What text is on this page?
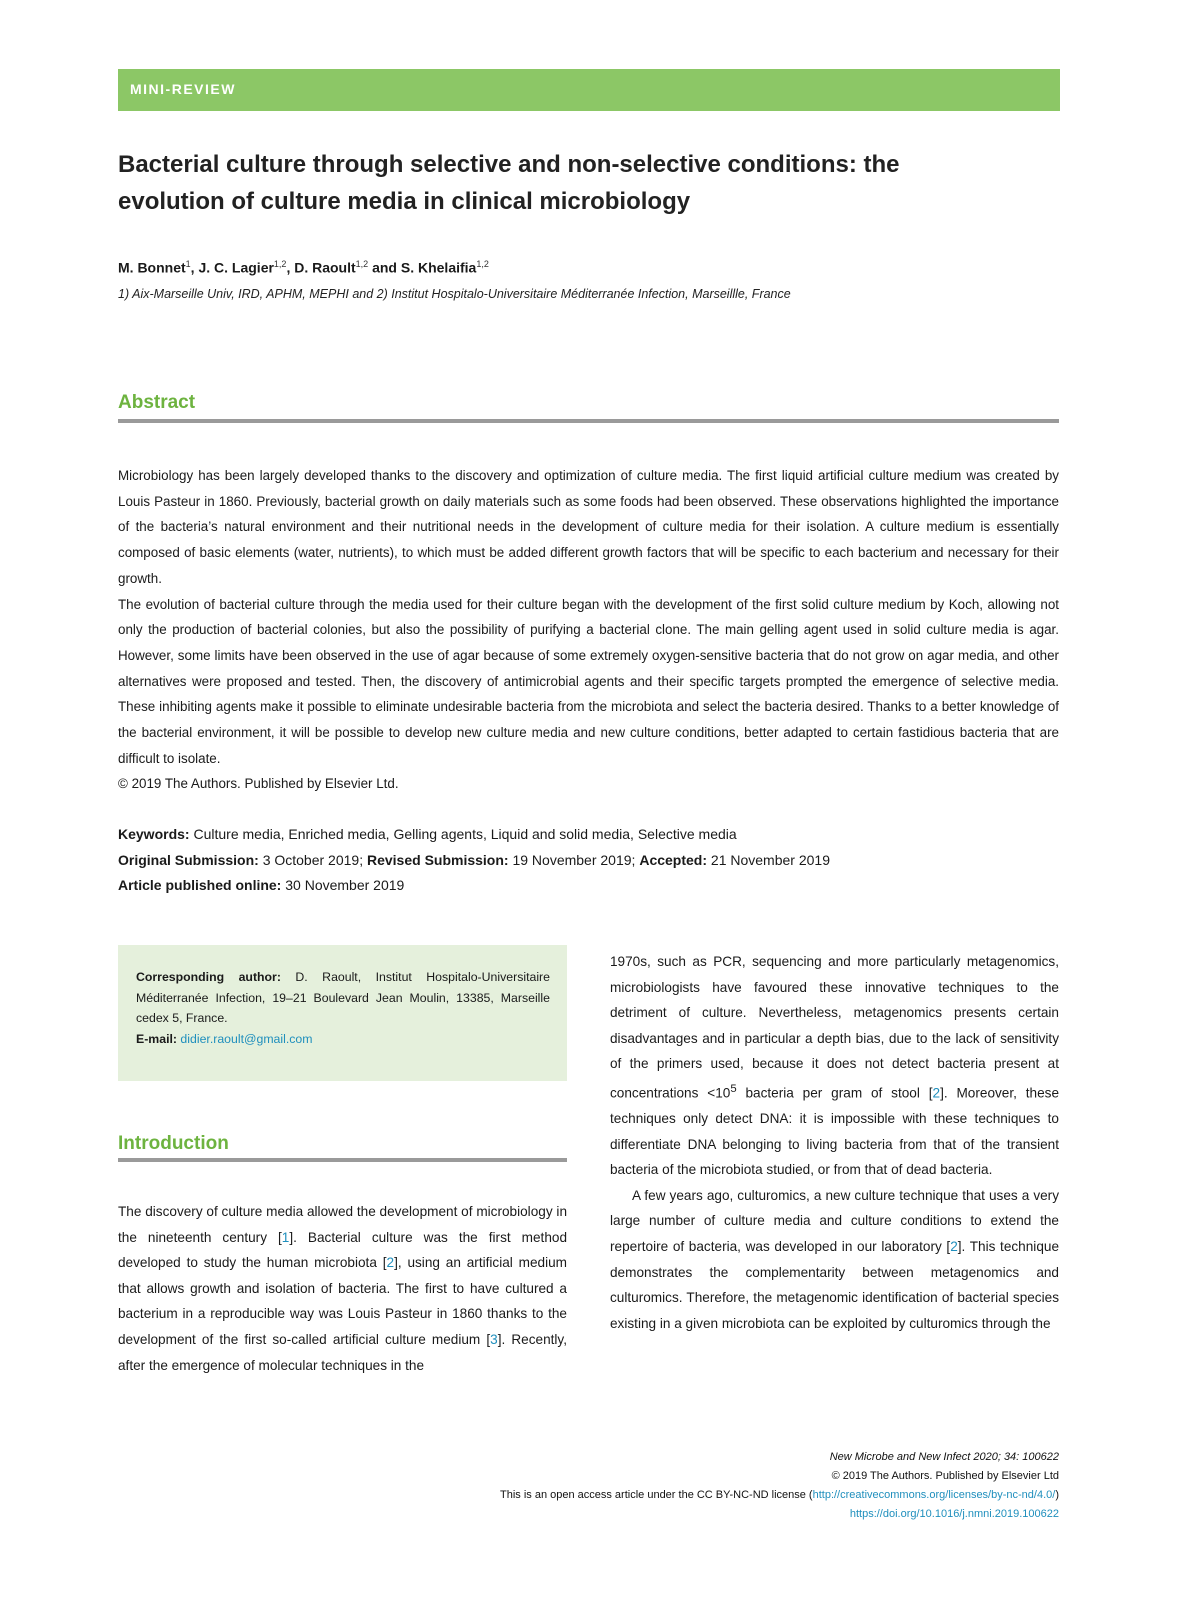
MINI-REVIEW
Bacterial culture through selective and non-selective conditions: the
evolution of culture media in clinical microbiology
M. Bonnet$^1$, J. C. Lagier$^{1,2}$, D. Raoult$^{1,2}$ and S. Khelaifia$^{1,2}$
1) Aix-Marseille Univ, IRD, APHM, MEPHI and 2) Institut Hospitalo-Universitaire Méditerranée Infection, Marseillle, France
Abstract

Microbiology has been largely developed thanks to the discovery and optimization of culture media. The first liquid artificial culture medium was created by Louis Pasteur in 1860. Previously, bacterial growth on daily materials such as some foods had been observed. These observations highlighted the importance of the bacteria’s natural environment and their nutritional needs in the development of culture media for their isolation. A culture medium is essentially composed of basic elements (water, nutrients), to which must be added different growth factors that will be specific to each bacterium and necessary for their growth.

The evolution of bacterial culture through the media used for their culture began with the development of the first solid culture medium by Koch, allowing not only the production of bacterial colonies, but also the possibility of purifying a bacterial clone. The main gelling agent used in solid culture media is agar. However, some limits have been observed in the use of agar because of some extremely oxygen-sensitive bacteria that do not grow on agar media, and other alternatives were proposed and tested. Then, the discovery of antimicrobial agents and their specific targets prompted the emergence of selective media. These inhibiting agents make it possible to eliminate undesirable bacteria from the microbiota and select the bacteria desired. Thanks to a better knowledge of the bacterial environment, it will be possible to develop new culture media and new culture conditions, better adapted to certain fastidious bacteria that are difficult to isolate.

© 2019 The Authors. Published by Elsevier Ltd.

Keywords: Culture media, Enriched media, Gelling agents, Liquid and solid media, Selective media
Original Submission: 3 October 2019; Revised Submission: 19 November 2019; Accepted: 21 November 2019
Article published online: 30 November 2019
Corresponding author: D. Raoult, Institut Hospitalo-Universitaire Méditerranée Infection, 19–21 Boulevard Jean Moulin, 13385, Marseille cedex 5, France.
E-mail: didier.raoult@gmail.com
Introduction

The discovery of culture media allowed the development of microbiology in the nineteenth century [1]. Bacterial culture was the first method developed to study the human microbiota [2], using an artificial medium that allows growth and isolation of bacteria. The first to have cultured a bacterium in a reproducible way was Louis Pasteur in 1860 thanks to the development of the first so-called artificial culture medium [3]. Recently, after the emergence of molecular techniques in the

1970s, such as PCR, sequencing and more particularly metagenomics, microbiologists have favoured these innovative techniques to the detriment of culture. Nevertheless, metagenomics presents certain disadvantages and in particular a depth bias, due to the lack of sensitivity of the primers used, because it does not detect bacteria present at concentrations $<10^5$ bacteria per gram of stool [2]. Moreover, these techniques only detect DNA: it is impossible with these techniques to differentiate DNA belonging to living bacteria from that of the transient bacteria of the microbiota studied, or from that of dead bacteria.

A few years ago, culturomics, a new culture technique that uses a very large number of culture media and culture conditions to extend the repertoire of bacteria, was developed in our laboratory [2]. This technique demonstrates the complementarity between metagenomics and culturomics. Therefore, the metagenomic identification of bacterial species existing in a given microbiota can be exploited by culturomics through the

New Microbe and New Infect 2020; 34: 100622
© 2019 The Authors. Published by Elsevier Ltd
This is an open access article under the CC BY-NC-ND license (http://creativecommons.org/licenses/by-nc-nd/4.0/)
https://doi.org/10.1016/j.nmni.2019.100622
